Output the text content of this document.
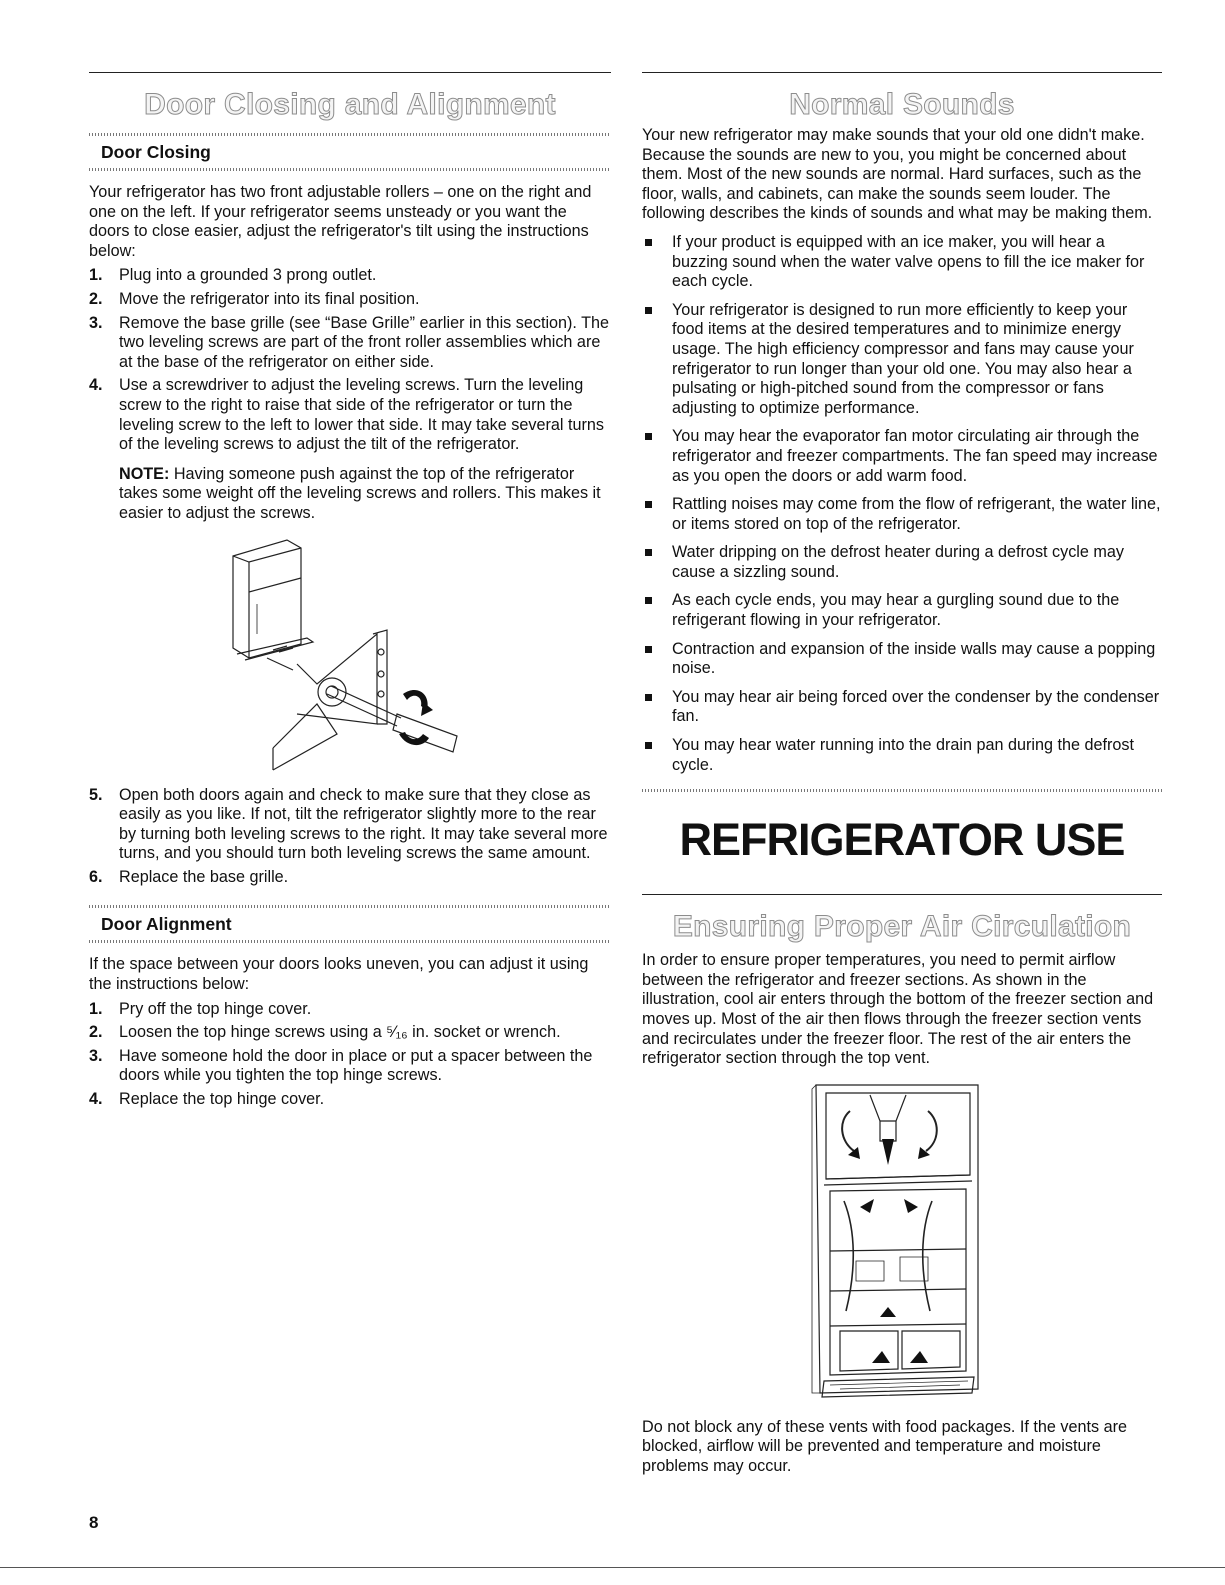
Door Closing and Alignment
Door Closing

Your refrigerator has two front adjustable rollers – one on the right and one on the left. If your refrigerator seems unsteady or you want the doors to close easier, adjust the refrigerator's tilt using the instructions below:

1. Plug into a grounded 3 prong outlet.
2. Move the refrigerator into its final position.
3. Remove the base grille (see “Base Grille” earlier in this section). The two leveling screws are part of the front roller assemblies which are at the base of the refrigerator on either side.
4. Use a screwdriver to adjust the leveling screws. Turn the leveling screw to the right to raise that side of the refrigerator or turn the leveling screw to the left to lower that side. It may take several turns of the leveling screws to adjust the tilt of the refrigerator.
NOTE: Having someone push against the top of the refrigerator takes some weight off the leveling screws and rollers. This makes it easier to adjust the screws.
5. Open both doors again and check to make sure that they close as easily as you like. If not, tilt the refrigerator slightly more to the rear by turning both leveling screws to the right. It may take several more turns, and you should turn both leveling screws the same amount.
6. Replace the base grille.
Door Alignment

If the space between your doors looks uneven, you can adjust it using the instructions below:

1. Pry off the top hinge cover.
2. Loosen the top hinge screws using a ⁵⁄₁₆ in. socket or wrench.
3. Have someone hold the door in place or put a spacer between the doors while you tighten the top hinge screws.
4. Replace the top hinge cover.
Normal Sounds

Your new refrigerator may make sounds that your old one didn't make. Because the sounds are new to you, you might be concerned about them. Most of the new sounds are normal. Hard surfaces, such as the floor, walls, and cabinets, can make the sounds seem louder. The following describes the kinds of sounds and what may be making them.

If your product is equipped with an ice maker, you will hear a buzzing sound when the water valve opens to fill the ice maker for each cycle.
Your refrigerator is designed to run more efficiently to keep your food items at the desired temperatures and to minimize energy usage. The high efficiency compressor and fans may cause your refrigerator to run longer than your old one. You may also hear a pulsating or high-pitched sound from the compressor or fans adjusting to optimize performance.
You may hear the evaporator fan motor circulating air through the refrigerator and freezer compartments. The fan speed may increase as you open the doors or add warm food.
Rattling noises may come from the flow of refrigerant, the water line, or items stored on top of the refrigerator.
Water dripping on the defrost heater during a defrost cycle may cause a sizzling sound.
As each cycle ends, you may hear a gurgling sound due to the refrigerant flowing in your refrigerator.
Contraction and expansion of the inside walls may cause a popping noise.
You may hear air being forced over the condenser by the condenser fan.
You may hear water running into the drain pan during the defrost cycle.
REFRIGERATOR USE
Ensuring Proper Air Circulation

In order to ensure proper temperatures, you need to permit airflow between the refrigerator and freezer sections. As shown in the illustration, cool air enters through the bottom of the freezer section and moves up. Most of the air then flows through the freezer section vents and recirculates under the freezer floor. The rest of the air enters the refrigerator section through the top vent.

Do not block any of these vents with food packages. If the vents are blocked, airflow will be prevented and temperature and moisture problems may occur.

8
